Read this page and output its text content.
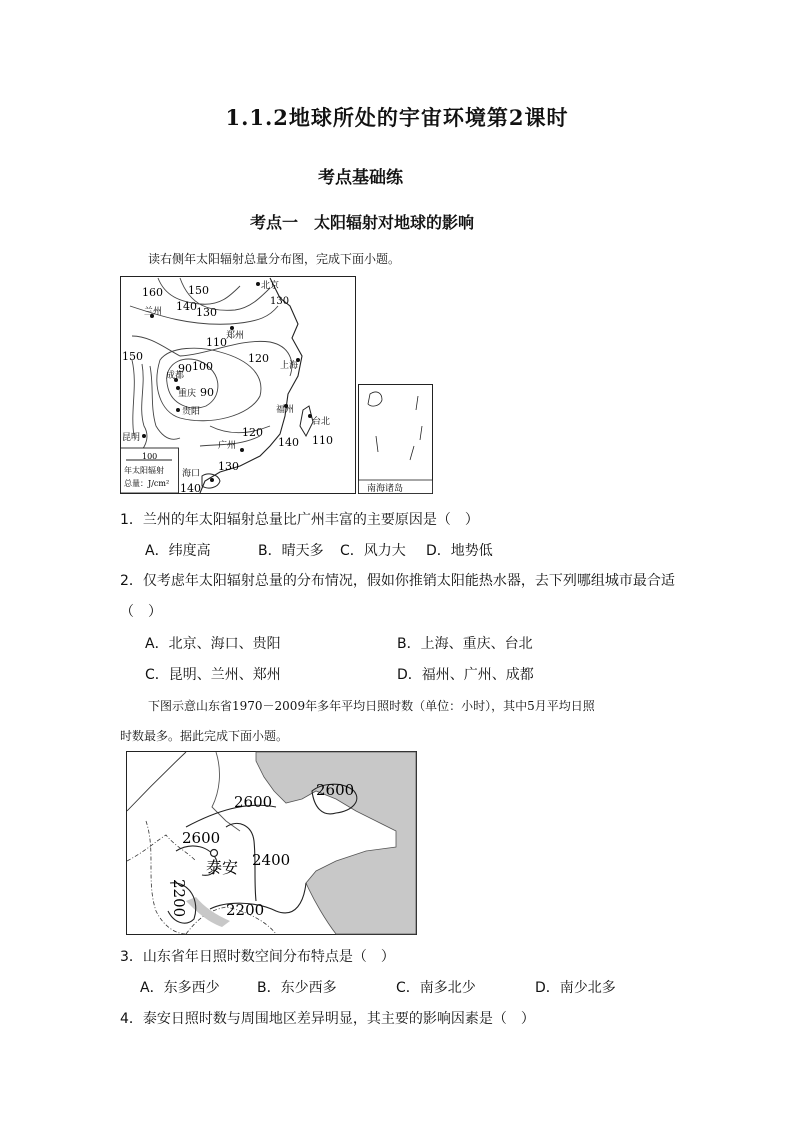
1.1.2地球所处的宇宙环境第2课时
考点基础练
考点一　太阳辐射对地球的影响
读右侧年太阳辐射总量分布图，完成下面小题。
100
年太阳辐射
总量：J/cm²
160 150
140 130
110
100
90
90
120
150
130
120
140 110
130
140
北京
兰州
郑州
成都
重庆
贵阳
上海
福州
台北
昆明
广州
海口
南海诸岛
1．兰州的年太阳辐射总量比广州丰富的主要原因是（　）
A．纬度高	B．晴天多 C．风力大 D．地势低
2．仅考虑年太阳辐射总量的分布情况，假如你推销太阳能热水器，去下列哪组城市最合适
（　）
A．北京、海口、贵阳	B．上海、重庆、台北
C．昆明、兰州、郑州	D．福州、广州、成都
下图示意山东省1970－2009年多年平均日照时数（单位：小时），其中5月平均日照
时数最多。据此完成下面小题。
2600
2600
2600
2400
2200
2200
泰安
3．山东省年日照时数空间分布特点是（　）
A．东多西少	B．东少西多	C．南多北少	D．南少北多
4．泰安日照时数与周围地区差异明显，其主要的影响因素是（　）
